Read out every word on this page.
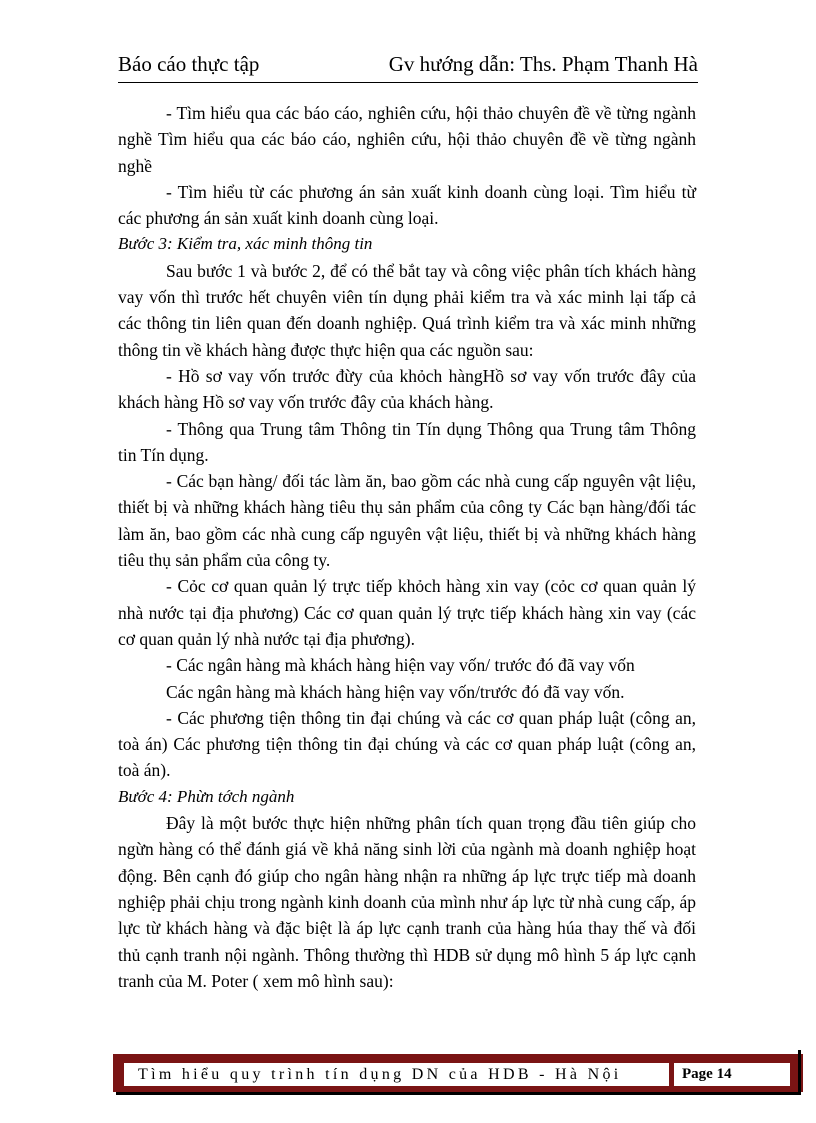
Báo cáo thực tập	Gv hướng dẫn: Ths. Phạm Thanh Hà

- Tìm hiểu qua các báo cáo, nghiên cứu, hội thảo chuyên đề về từng ngành nghề Tìm hiểu qua các báo cáo, nghiên cứu, hội thảo chuyên đề về từng ngành nghề

- Tìm hiểu từ các phương án sản xuất kinh doanh cùng loại. Tìm hiểu từ các phương án sản xuất kinh doanh cùng loại.

Bước 3: Kiểm tra, xác minh thông tin

Sau bước 1 và bước 2, để có thể bắt tay và công việc phân tích khách hàng vay vốn thì trước hết chuyên viên tín dụng phải kiểm tra và xác minh lại tấp cả các thông tin liên quan đến doanh nghiệp. Quá trình kiểm tra và xác minh những thông tin về khách hàng được thực hiện qua các nguồn sau:

- Hồ sơ vay vốn trước đừy của khỏch hàngHồ sơ vay vốn trước đây của khách hàng Hồ sơ vay vốn trước đây của khách hàng.

- Thông qua Trung tâm Thông tin Tín dụng Thông qua Trung tâm Thông tin Tín dụng.

- Các bạn hàng/ đối tác làm ăn, bao gồm các nhà cung cấp nguyên vật liệu, thiết bị và những khách hàng tiêu thụ sản phẩm của công ty Các bạn hàng/đối tác làm ăn, bao gồm các nhà cung cấp nguyên vật liệu, thiết bị và những khách hàng tiêu thụ sản phẩm của công ty.

- Cỏc cơ quan quản lý trực tiếp khỏch hàng xin vay (cỏc cơ quan quản lý nhà nước tại địa phương) Các cơ quan quản lý trực tiếp khách hàng xin vay (các cơ quan quản lý nhà nước tại địa phương).

- Các ngân hàng mà khách hàng hiện vay vốn/ trước đó đã vay vốn

Các ngân hàng mà khách hàng hiện vay vốn/trước đó đã vay vốn.

- Các phương tiện thông tin đại chúng và các cơ quan pháp luật (công an, toà án) Các phương tiện thông tin đại chúng và các cơ quan pháp luật (công an, toà án).

Bước 4: Phừn tớch ngành

Đây là một bước thực hiện những phân tích quan trọng đầu tiên giúp cho ngừn hàng có thể đánh giá về khả năng sinh lời của ngành mà doanh nghiệp hoạt động. Bên cạnh đó giúp cho ngân hàng nhận ra những áp lực trực tiếp mà doanh nghiệp phải chịu trong ngành kinh doanh của mình như áp lực từ nhà cung cấp, áp lực từ khách hàng và đặc biệt là áp lực cạnh tranh của hàng húa thay thế và đối thủ cạnh tranh nội ngành. Thông thường thì HDB sử dụng mô hình 5 áp lực cạnh tranh của M. Poter ( xem mô hình sau):

Tìm hiểu quy trình tín dụng DN của HDB - Hà Nội	Page 14
